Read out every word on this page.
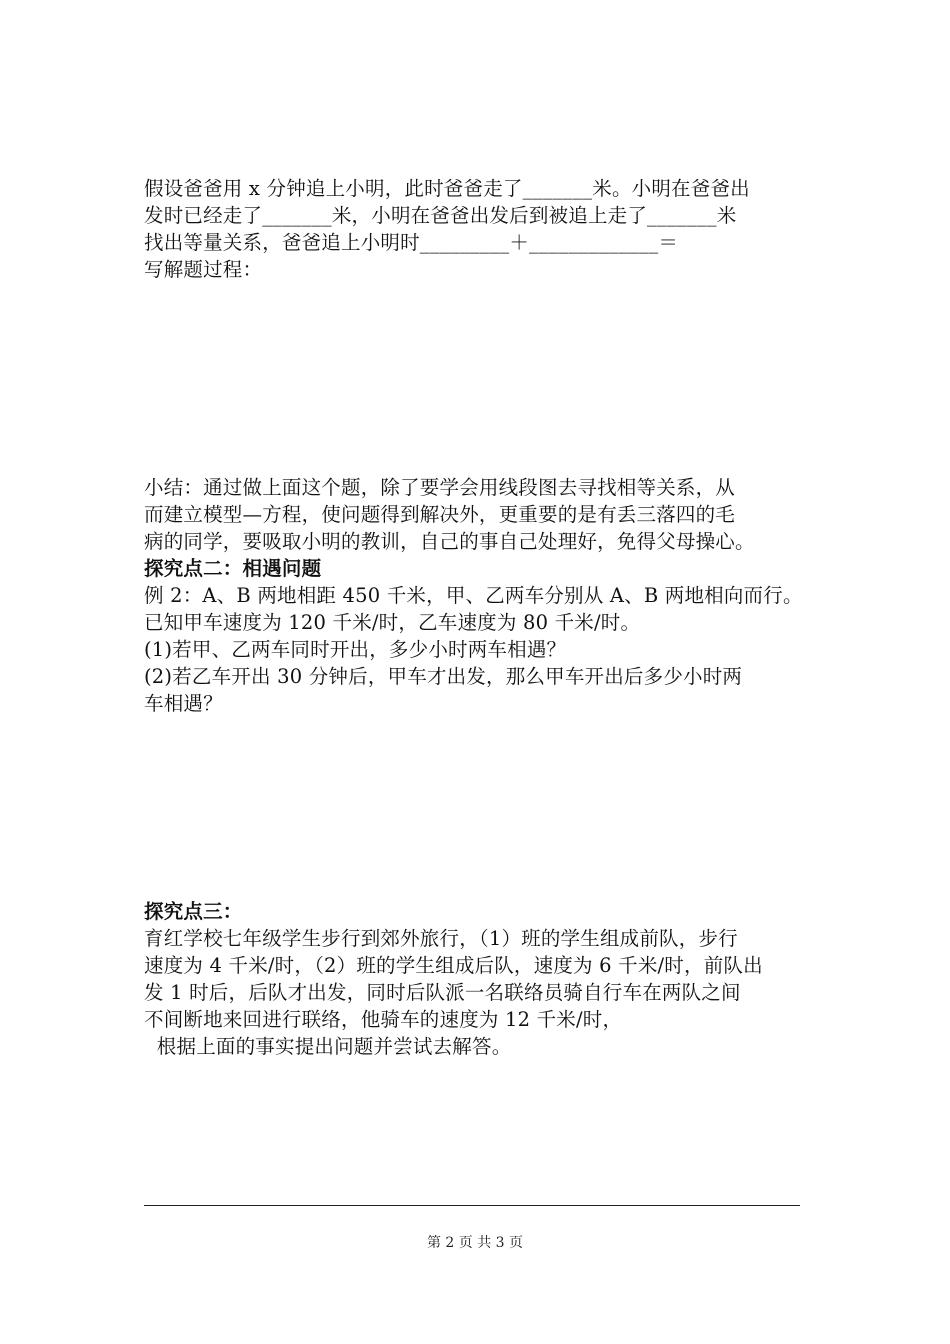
假设爸爸用 x 分钟追上小明，此时爸爸走了_______米。小明在爸爸出
发时已经走了_______米，小明在爸爸出发后到被追上走了_______米
找出等量关系，爸爸追上小明时_________＋_____________＝
写解题过程：
小结：通过做上面这个题，除了要学会用线段图去寻找相等关系，从
而建立模型—方程，使问题得到解决外，更重要的是有丢三落四的毛
病的同学，要吸取小明的教训，自己的事自己处理好，免得父母操心。
探究点二：相遇问题
例 2：A、B 两地相距 450 千米，甲、乙两车分别从 A、B 两地相向而行。
已知甲车速度为 120 千米/时，乙车速度为 80 千米/时。
(1)若甲、乙两车同时开出，多少小时两车相遇？
(2)若乙车开出 30 分钟后，甲车才出发，那么甲车开出后多少小时两
车相遇？
探究点三：
育红学校七年级学生步行到郊外旅行，（1）班的学生组成前队，步行
速度为 4 千米/时，（2）班的学生组成后队，速度为 6 千米/时，前队出
发 1 时后，后队才出发，同时后队派一名联络员骑自行车在两队之间
不间断地来回进行联络，他骑车的速度为 12 千米/时，
根据上面的事实提出问题并尝试去解答。
第 2 页 共 3 页
